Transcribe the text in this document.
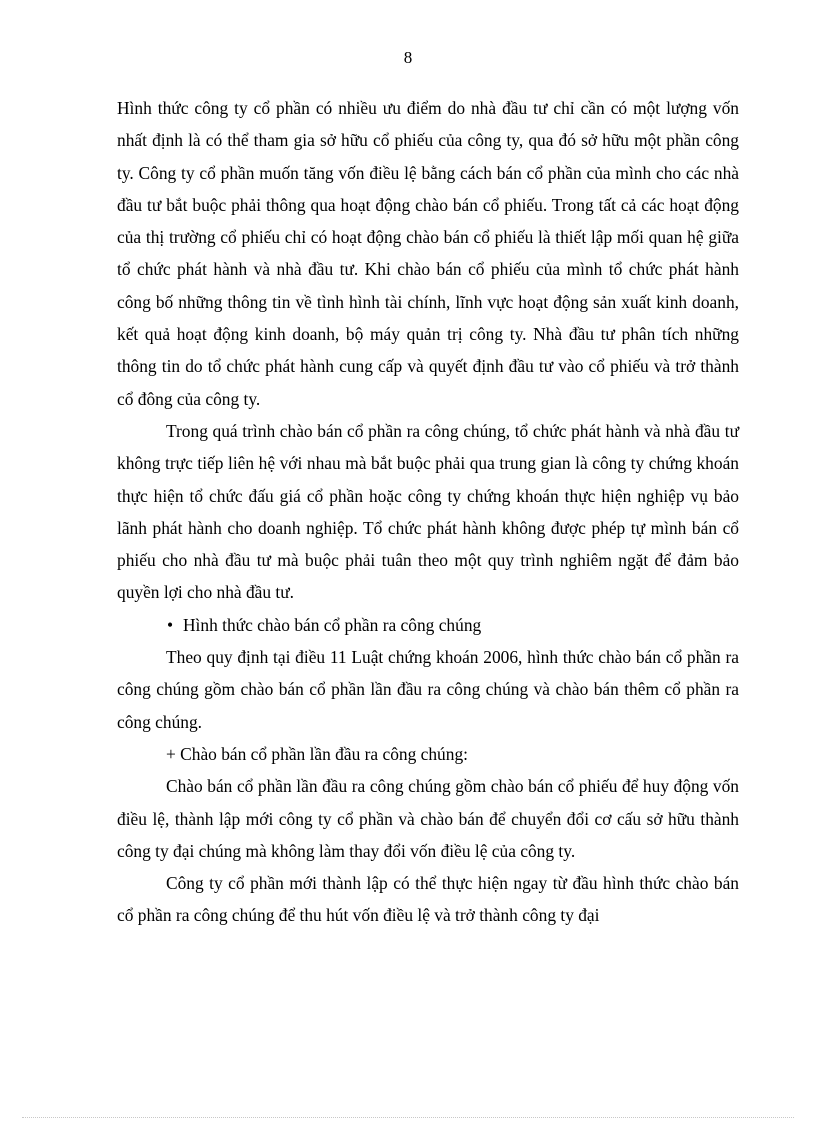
8

Hình thức công ty cổ phần có nhiều ưu điểm do nhà đầu tư chỉ cần có một lượng vốn nhất định là có thể tham gia sở hữu cổ phiếu của công ty, qua đó sở hữu một phần công ty. Công ty cổ phần muốn tăng vốn điều lệ bằng cách bán cổ phần của mình cho các nhà đầu tư bắt buộc phải thông qua hoạt động chào bán cổ phiếu. Trong tất cả các hoạt động của thị trường cổ phiếu chỉ có hoạt động chào bán cổ phiếu là thiết lập mối quan hệ giữa tổ chức phát hành và nhà đầu tư. Khi chào bán cổ phiếu của mình tổ chức phát hành công bố những thông tin về tình hình tài chính, lĩnh vực hoạt động sản xuất kinh doanh, kết quả hoạt động kinh doanh, bộ máy quản trị công ty. Nhà đầu tư phân tích những thông tin do tổ chức phát hành cung cấp và quyết định đầu tư vào cổ phiếu và trở thành cổ đông của công ty.

Trong quá trình chào bán cổ phần ra công chúng, tổ chức phát hành và nhà đầu tư không trực tiếp liên hệ với nhau mà bắt buộc phải qua trung gian là công ty chứng khoán thực hiện tổ chức đấu giá cổ phần hoặc công ty chứng khoán thực hiện nghiệp vụ bảo lãnh phát hành cho doanh nghiệp. Tổ chức phát hành không được phép tự mình bán cổ phiếu cho nhà đầu tư mà buộc phải tuân theo một quy trình nghiêm ngặt để đảm bảo quyền lợi cho nhà đầu tư.

• Hình thức chào bán cổ phần ra công chúng

Theo quy định tại điều 11 Luật chứng khoán 2006, hình thức chào bán cổ phần ra công chúng gồm chào bán cổ phần lần đầu ra công chúng và chào bán thêm cổ phần ra công chúng.

+ Chào bán cổ phần lần đầu ra công chúng:

Chào bán cổ phần lần đầu ra công chúng gồm chào bán cổ phiếu để huy động vốn điều lệ, thành lập mới công ty cổ phần và chào bán để chuyển đổi cơ cấu sở hữu thành công ty đại chúng mà không làm thay đổi vốn điều lệ của công ty.

Công ty cổ phần mới thành lập có thể thực hiện ngay từ đầu hình thức chào bán cổ phần ra công chúng để thu hút vốn điều lệ và trở thành công ty đại
